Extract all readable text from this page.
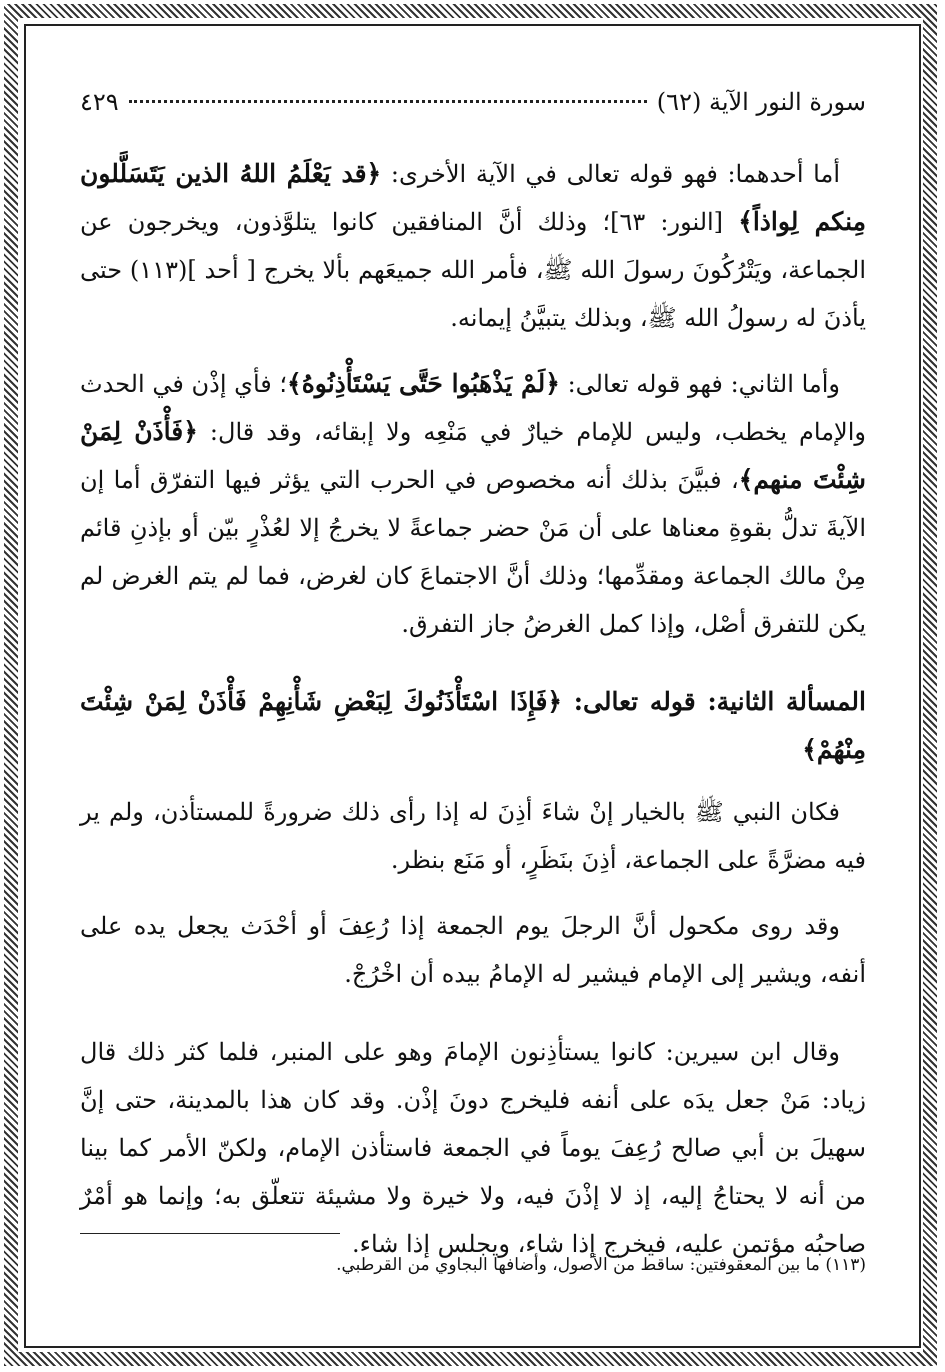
سورة النور الآية (٦٢)
٤٢٩

أما أحدهما: فهو قوله تعالى في الآية الأخرى: ﴿قد يَعْلَمُ اللهُ الذين يَتَسَلَّلون مِنكم لِواذاً﴾ [النور: ٦٣]؛ وذلك أنَّ المنافقين كانوا يتلوَّذون، ويخرجون عن الجماعة، ويَتْرُكُونَ رسولَ الله ﷺ، فأمر الله جميعَهم بألا يخرج [ أحد ](١١٣) حتى يأذنَ له رسولُ الله ﷺ، وبذلك يتبيَّنُ إيمانه.

وأما الثاني: فهو قوله تعالى: ﴿لَمْ يَذْهَبُوا حَتَّى يَسْتَأْذِنُوهُ﴾؛ فأي إذْن في الحدث والإمام يخطب، وليس للإمام خيارٌ في مَنْعِه ولا إبقائه، وقد قال: ﴿فَأْذَنْ لِمَنْ شِئْتَ منهم﴾، فبيَّنَ بذلك أنه مخصوص في الحرب التي يؤثر فيها التفرّق أما إن الآيةَ تدلُّ بقوةِ معناها على أن مَنْ حضر جماعةً لا يخرجُ إلا لعُذْرٍ بيّن أو بإذنِ قائم مِنْ مالك الجماعة ومقدِّمها؛ وذلك أنَّ الاجتماعَ كان لغرض، فما لم يتم الغرض لم يكن للتفرق أصْل، وإذا كمل الغرضُ جاز التفرق.

المسألة الثانية: قوله تعالى: ﴿فَإِذَا اسْتَأْذَنُوكَ لِبَعْضِ شَأْنِهِمْ فَأْذَنْ لِمَنْ شِئْتَ مِنْهُمْ﴾

فكان النبي ﷺ بالخيار إنْ شاءَ أذِنَ له إذا رأى ذلك ضرورةً للمستأذن، ولم ير فيه مضرَّةً على الجماعة، أذِنَ بنَظَرٍ، أو مَنَع بنظر.

وقد روى مكحول أنَّ الرجلَ يوم الجمعة إذا رُعِفَ أو أحْدَث يجعل يده على أنفه، ويشير إلى الإمام فيشير له الإمامُ بيده أن اخْرُجْ.

وقال ابن سيرين: كانوا يستأذِنون الإمامَ وهو على المنبر، فلما كثر ذلك قال زياد: مَنْ جعل يدَه على أنفه فليخرج دونَ إذْن. وقد كان هذا بالمدينة، حتى إنَّ سهيلَ بن أبي صالح رُعِفَ يوماً في الجمعة فاستأذن الإمام، ولكنّ الأمر كما بينا من أنه لا يحتاجُ إليه، إذ لا إذْنَ فيه، ولا خيرة ولا مشيئة تتعلّق به؛ وإنما هو أمْرٌ صاحبُه مؤتمن عليه، فيخرج إذا شاء، ويجلس إذا شاء.

(١١٣) ما بين المعقوفتين: ساقط من الأصول، وأضافها البجاوي من القرطبي.
